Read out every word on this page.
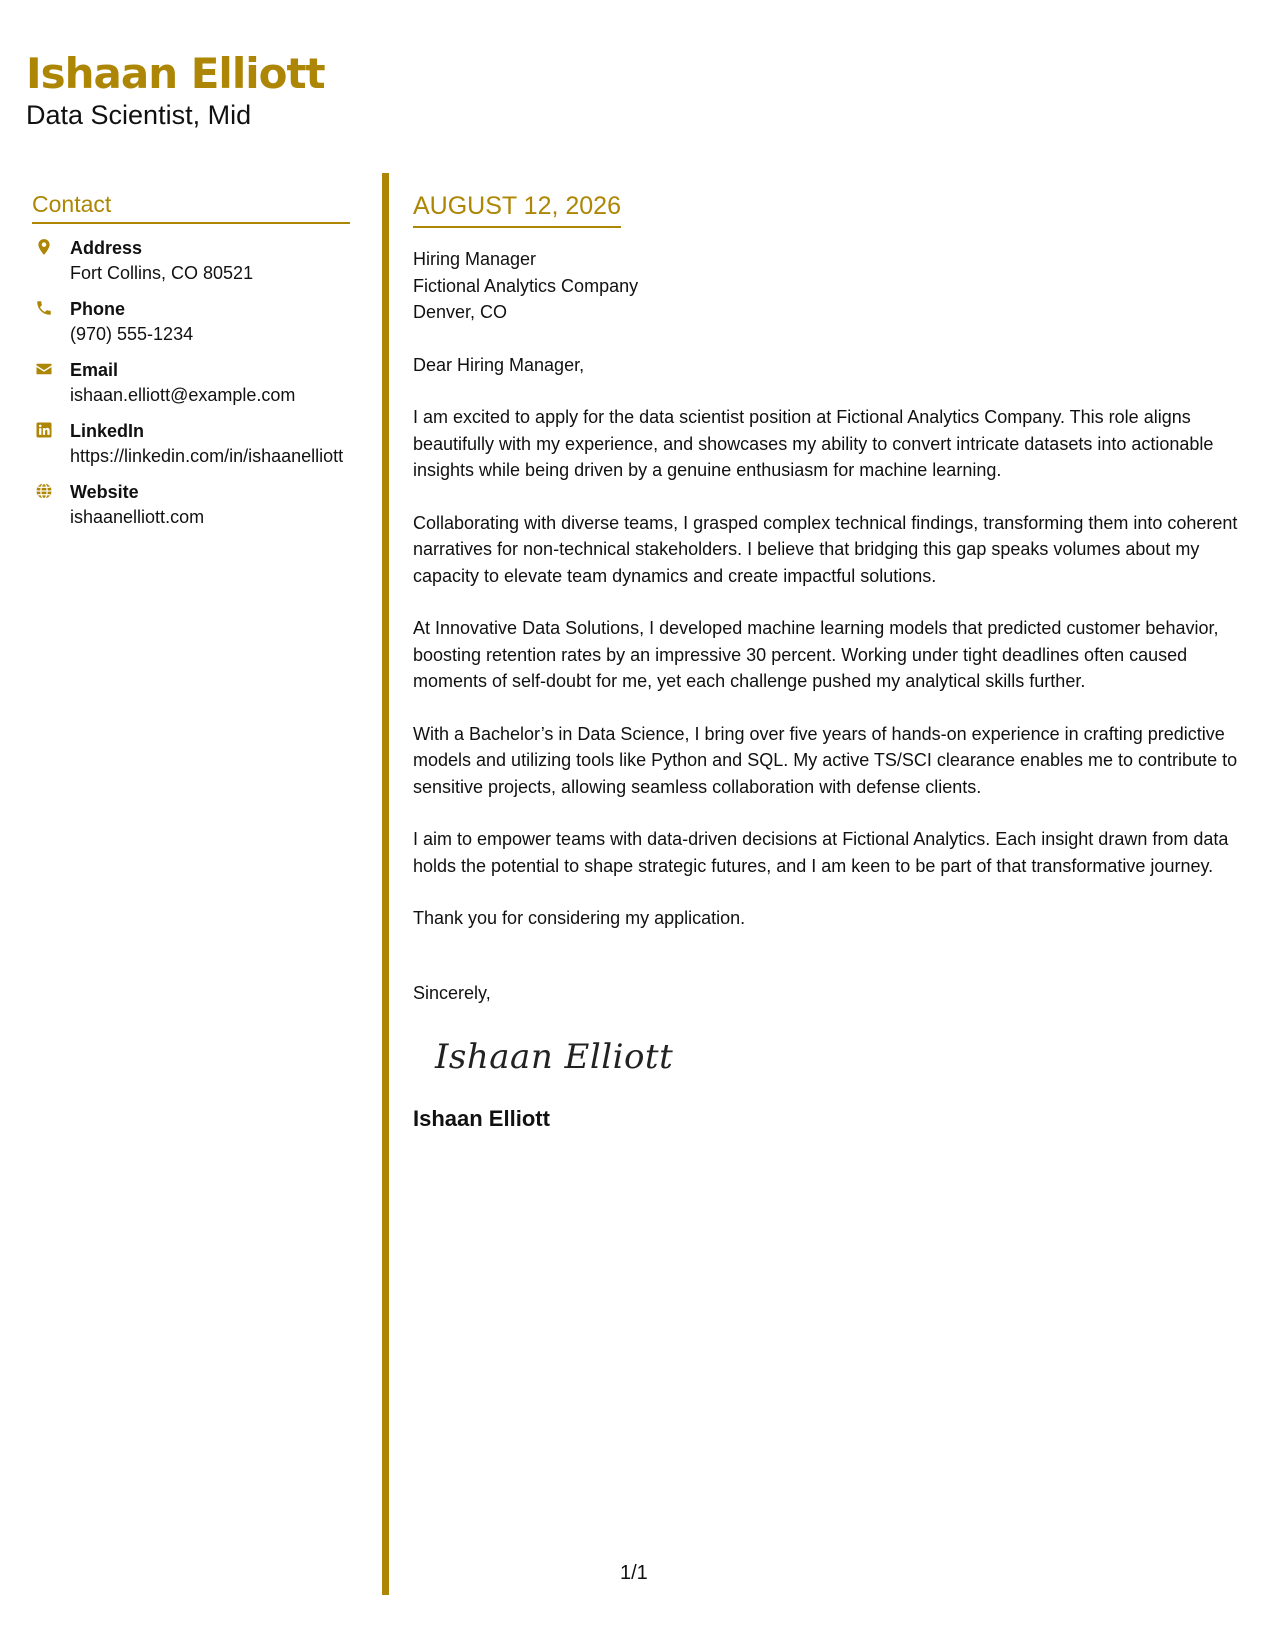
Ishaan Elliott
Data Scientist, Mid
Contact
Address
Fort Collins, CO 80521
Phone
(970) 555-1234
Email
ishaan.elliott@example.com
LinkedIn
https://linkedin.com/in/ishaanelliott
Website
ishaanelliott.com
AUGUST 12, 2026
Hiring Manager
Fictional Analytics Company
Denver, CO
Dear Hiring Manager,

I am excited to apply for the data scientist position at Fictional Analytics Company. This role aligns beautifully with my experience, and showcases my ability to convert intricate datasets into actionable insights while being driven by a genuine enthusiasm for machine learning.

Collaborating with diverse teams, I grasped complex technical findings, transforming them into coherent narratives for non-technical stakeholders. I believe that bridging this gap speaks volumes about my capacity to elevate team dynamics and create impactful solutions.

At Innovative Data Solutions, I developed machine learning models that predicted customer behavior, boosting retention rates by an impressive 30 percent. Working under tight deadlines often caused moments of self-doubt for me, yet each challenge pushed my analytical skills further.

With a Bachelor’s in Data Science, I bring over five years of hands-on experience in crafting predictive models and utilizing tools like Python and SQL. My active TS/SCI clearance enables me to contribute to sensitive projects, allowing seamless collaboration with defense clients.

I aim to empower teams with data-driven decisions at Fictional Analytics. Each insight drawn from data holds the potential to shape strategic futures, and I am keen to be part of that transformative journey.

Thank you for considering my application.

Sincerely,
Ishaan Elliott
Ishaan Elliott
1/1
